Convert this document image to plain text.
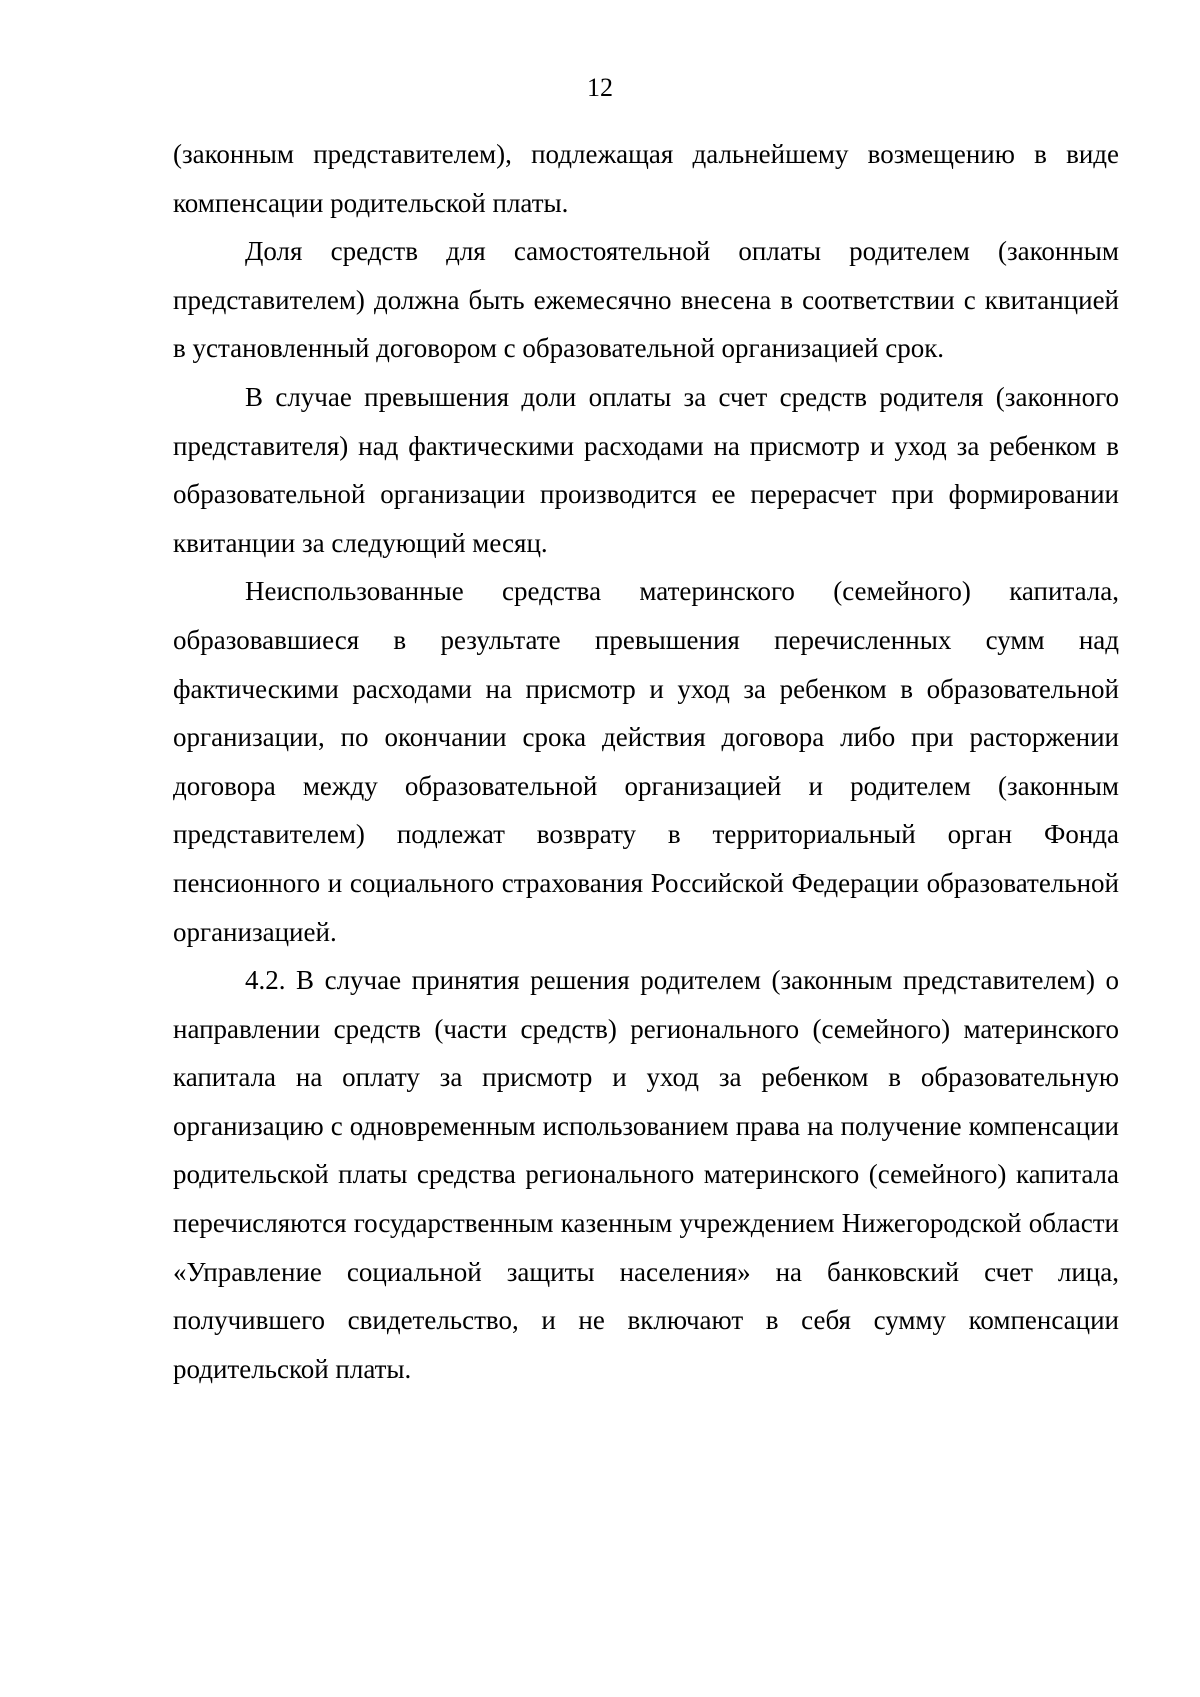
12

(законным представителем), подлежащая дальнейшему возмещению в виде компенсации родительской платы.

Доля средств для самостоятельной оплаты родителем (законным представителем) должна быть ежемесячно внесена в соответствии с квитанцией в установленный договором с образовательной организацией срок.

В случае превышения доли оплаты за счет средств родителя (законного представителя) над фактическими расходами на присмотр и уход за ребенком в образовательной организации производится ее перерасчет при формировании квитанции за следующий месяц.

Неиспользованные средства материнского (семейного) капитала, образовавшиеся в результате превышения перечисленных сумм над фактическими расходами на присмотр и уход за ребенком в образовательной организации, по окончании срока действия договора либо при расторжении договора между образовательной организацией и родителем (законным представителем) подлежат возврату в территориальный орган Фонда пенсионного и социального страхования Российской Федерации образовательной организацией.

4.2. В случае принятия решения родителем (законным представителем) о направлении средств (части средств) регионального (семейного) материнского капитала на оплату за присмотр и уход за ребенком в образовательную организацию с одновременным использованием права на получение компенсации родительской платы средства регионального материнского (семейного) капитала перечисляются государственным казенным учреждением Нижегородской области «Управление социальной защиты населения» на банковский счет лица, получившего свидетельство, и не включают в себя сумму компенсации родительской платы.
